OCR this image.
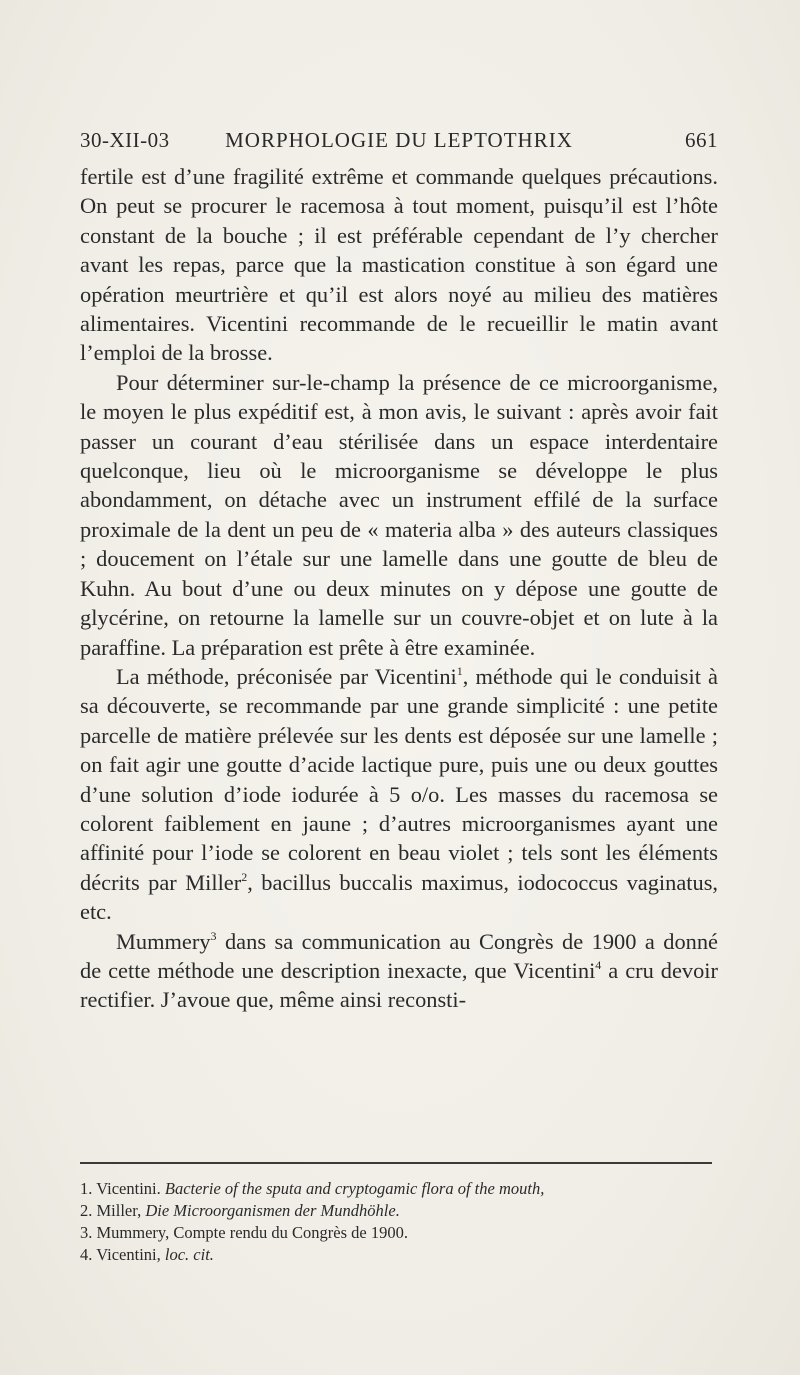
30-XII-03	MORPHOLOGIE DU LEPTOTHRIX	661

fertile est d’une fragilité extrême et commande quelques précautions. On peut se procurer le racemosa à tout moment, puisqu’il est l’hôte constant de la bouche ; il est préférable cependant de l’y chercher avant les repas, parce que la mastication constitue à son égard une opération meurtrière et qu’il est alors noyé au milieu des matières alimentaires. Vicentini recommande de le recueillir le matin avant l’emploi de la brosse.

Pour déterminer sur-le-champ la présence de ce microorganisme, le moyen le plus expéditif est, à mon avis, le suivant : après avoir fait passer un courant d’eau stérilisée dans un espace interdentaire quelconque, lieu où le microorganisme se développe le plus abondamment, on détache avec un instrument effilé de la surface proximale de la dent un peu de « materia alba » des auteurs classiques ; doucement on l’étale sur une lamelle dans une goutte de bleu de Kuhn. Au bout d’une ou deux minutes on y dépose une goutte de glycérine, on retourne la lamelle sur un couvre-objet et on lute à la paraffine. La préparation est prête à être examinée.

La méthode, préconisée par Vicentini$^1$, méthode qui le conduisit à sa découverte, se recommande par une grande simplicité : une petite parcelle de matière prélevée sur les dents est déposée sur une lamelle ; on fait agir une goutte d’acide lactique pure, puis une ou deux gouttes d’une solution d’iode iodurée à 5 o/o. Les masses du racemosa se colorent faiblement en jaune ; d’autres microorganismes ayant une affinité pour l’iode se colorent en beau violet ; tels sont les éléments décrits par Miller$^2$, bacillus buccalis maximus, iodococcus vaginatus, etc.

Mummery$^3$ dans sa communication au Congrès de 1900 a donné de cette méthode une description inexacte, que Vicentini$^4$ a cru devoir rectifier. J’avoue que, même ainsi reconsti-

1. Vicentini. Bacterie of the sputa and cryptogamic flora of the mouth,

2. Miller, Die Microorganismen der Mundhöhle.

3. Mummery, Compte rendu du Congrès de 1900.

4. Vicentini, loc. cit.
